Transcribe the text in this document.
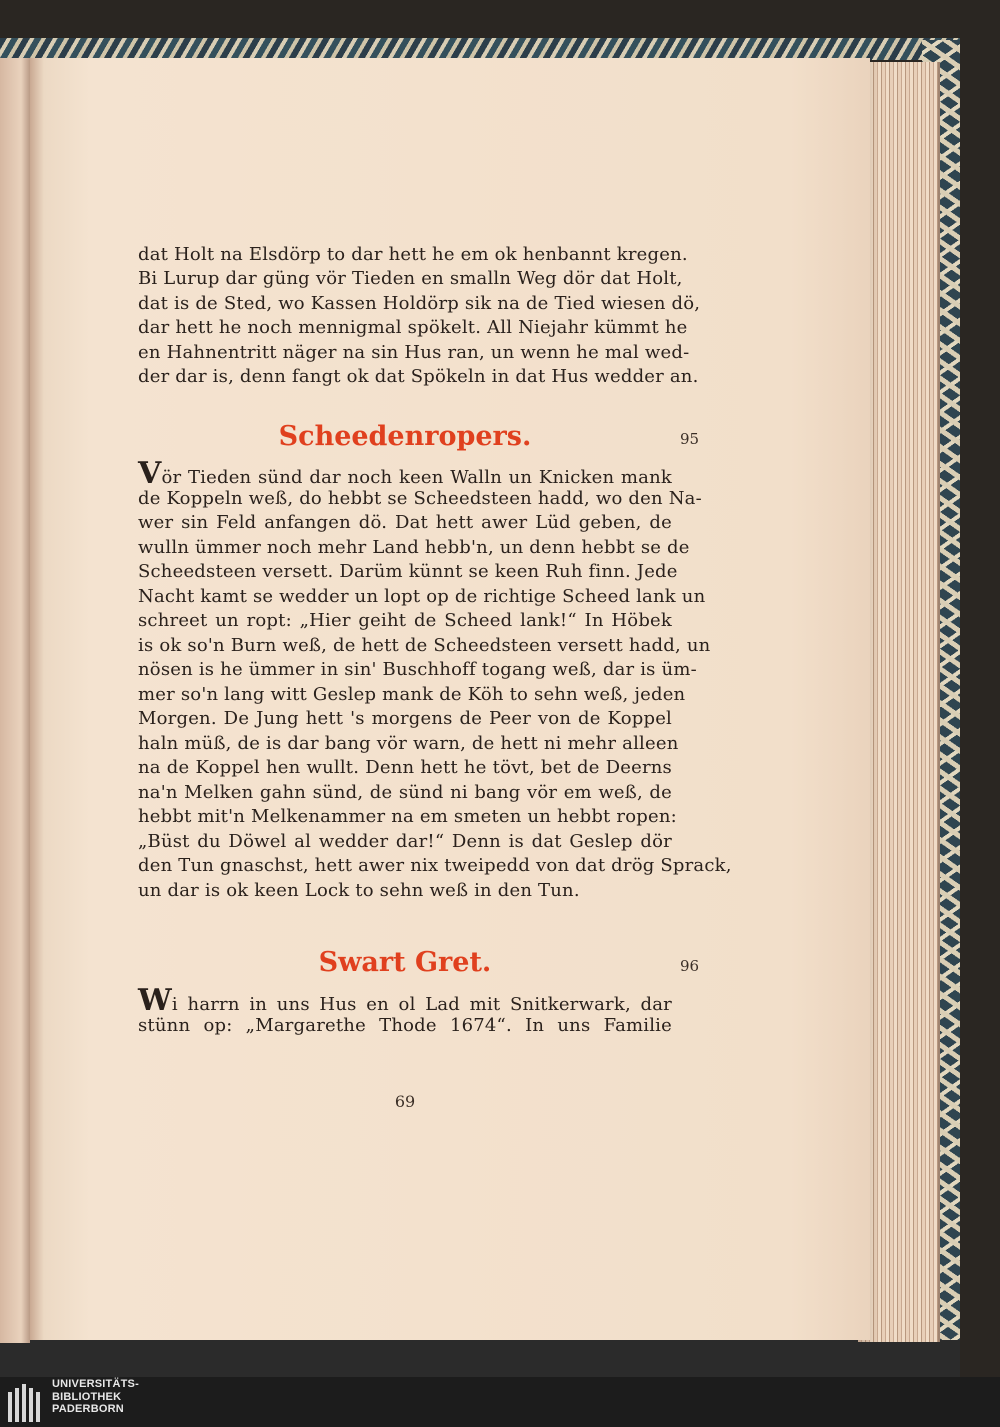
dat Holt na Elsdörp to dar hett he em ok henbannt kregen.
Bi Lurup dar güng vör Tieden en smalln Weg dör dat Holt,
dat is de Sted, wo Kassen Holdörp sik na de Tied wiesen dö,
dar hett he noch mennigmal spökelt. All Niejahr kümmt he
en Hahnentritt näger na sin Hus ran, un wenn he mal wed-
der dar is, denn fangt ok dat Spökeln in dat Hus wedder an.
Scheedenropers.	95
Vör Tieden sünd dar noch keen Walln un Knicken mank
de Koppeln weß, do hebbt se Scheedsteen hadd, wo den Na-
wer sin Feld anfangen dö. Dat hett awer Lüd geben, de
wulln ümmer noch mehr Land hebb'n, un denn hebbt se de
Scheedsteen versett. Darüm künnt se keen Ruh finn. Jede
Nacht kamt se wedder un lopt op de richtige Scheed lank un
schreet un ropt: „Hier geiht de Scheed lank!“ In Höbek
is ok so'n Burn weß, de hett de Scheedsteen versett hadd, un
nösen is he ümmer in sin' Buschhoff togang weß, dar is üm-
mer so'n lang witt Geslep mank de Köh to sehn weß, jeden
Morgen. De Jung hett 's morgens de Peer von de Koppel
haln müß, de is dar bang vör warn, de hett ni mehr alleen
na de Koppel hen wullt. Denn hett he tövt, bet de Deerns
na'n Melken gahn sünd, de sünd ni bang vör em weß, de
hebbt mit'n Melkenammer na em smeten un hebbt ropen:
„Büst du Döwel al wedder dar!“ Denn is dat Geslep dör
den Tun gnaschst, hett awer nix tweipedd von dat drög Sprack,
un dar is ok keen Lock to sehn weß in den Tun.
Swart Gret.	96
Wi harrn in uns Hus en ol Lad mit Snitkerwark, dar
stünn op: „Margarethe Thode 1674“. In uns Familie
69
UNIVERSITÄTS-
BIBLIOTHEK
PADERBORN
